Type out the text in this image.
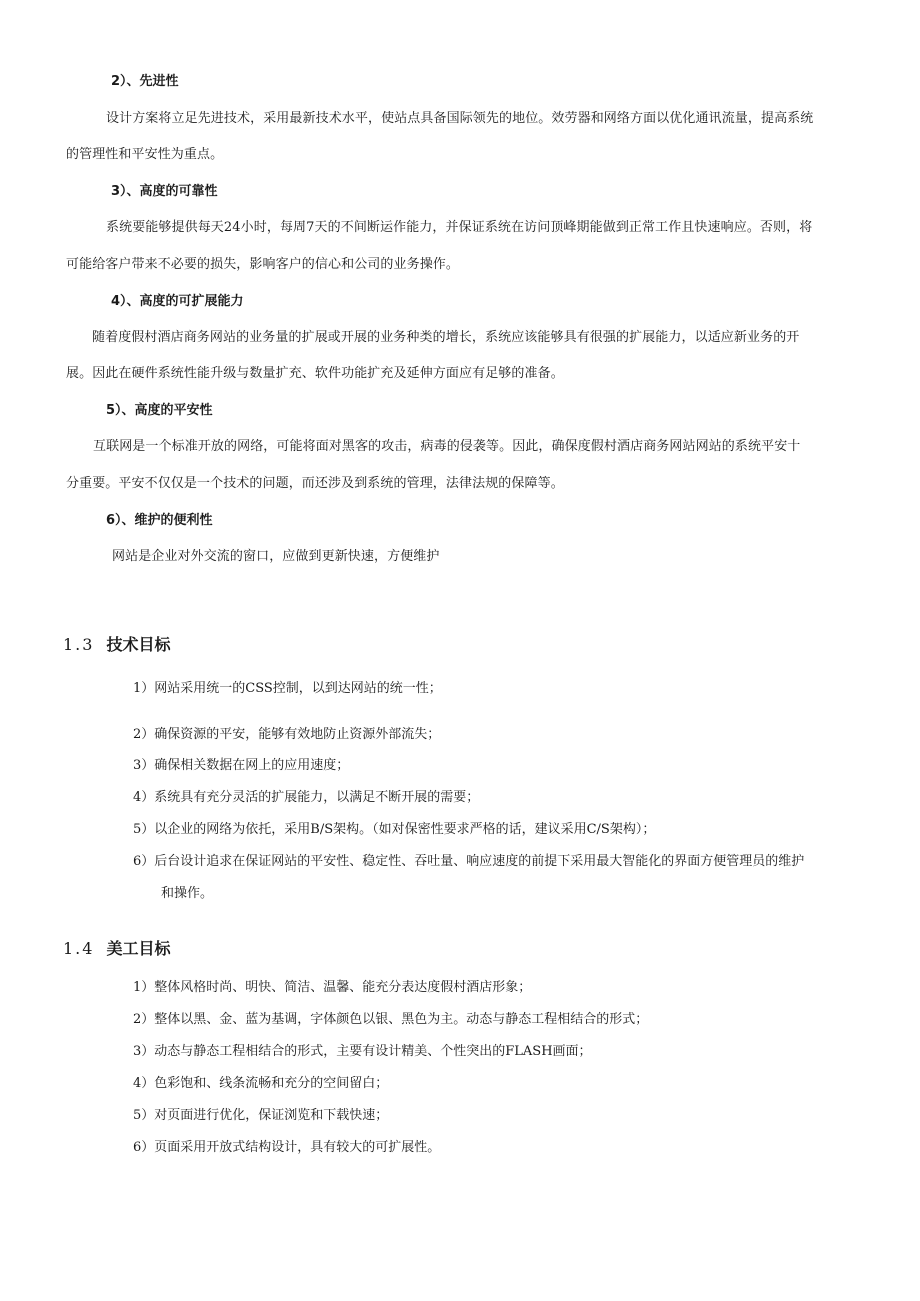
2）、先进性
设计方案将立足先进技术，采用最新技术水平，使站点具备国际领先的地位。效劳器和网络方面以优化通讯流量，提高系统
的管理性和平安性为重点。
3）、高度的可靠性
系统要能够提供每天24小时，每周7天的不间断运作能力，并保证系统在访问顶峰期能做到正常工作且快速响应。否则，将
可能给客户带来不必要的损失，影响客户的信心和公司的业务操作。
4）、高度的可扩展能力
随着度假村酒店商务网站的业务量的扩展或开展的业务种类的增长，系统应该能够具有很强的扩展能力，以适应新业务的开
展。因此在硬件系统性能升级与数量扩充、软件功能扩充及延伸方面应有足够的准备。
5）、高度的平安性
互联网是一个标准开放的网络，可能将面对黑客的攻击，病毒的侵袭等。因此，确保度假村酒店商务网站网站的系统平安十
分重要。平安不仅仅是一个技术的问题，而还涉及到系统的管理，法律法规的保障等。
6）、维护的便利性
网站是企业对外交流的窗口，应做到更新快速，方便维护
1.3 技术目标
1）网站采用统一的CSS控制，以到达网站的统一性；
2）确保资源的平安，能够有效地防止资源外部流失；
3）确保相关数据在网上的应用速度；
4）系统具有充分灵活的扩展能力，以满足不断开展的需要；
5）以企业的网络为依托，采用B/S架构。（如对保密性要求严格的话，建议采用C/S架构）；
6）后台设计追求在保证网站的平安性、稳定性、吞吐量、响应速度的前提下采用最大智能化的界面方便管理员的维护
和操作。
1.4 美工目标
1）整体风格时尚、明快、简洁、温馨、能充分表达度假村酒店形象；
2）整体以黑、金、蓝为基调，字体颜色以银、黑色为主。动态与静态工程相结合的形式；
3）动态与静态工程相结合的形式，主要有设计精美、个性突出的FLASH画面；
4）色彩饱和、线条流畅和充分的空间留白；
5）对页面进行优化，保证浏览和下载快速；
6）页面采用开放式结构设计，具有较大的可扩展性。
